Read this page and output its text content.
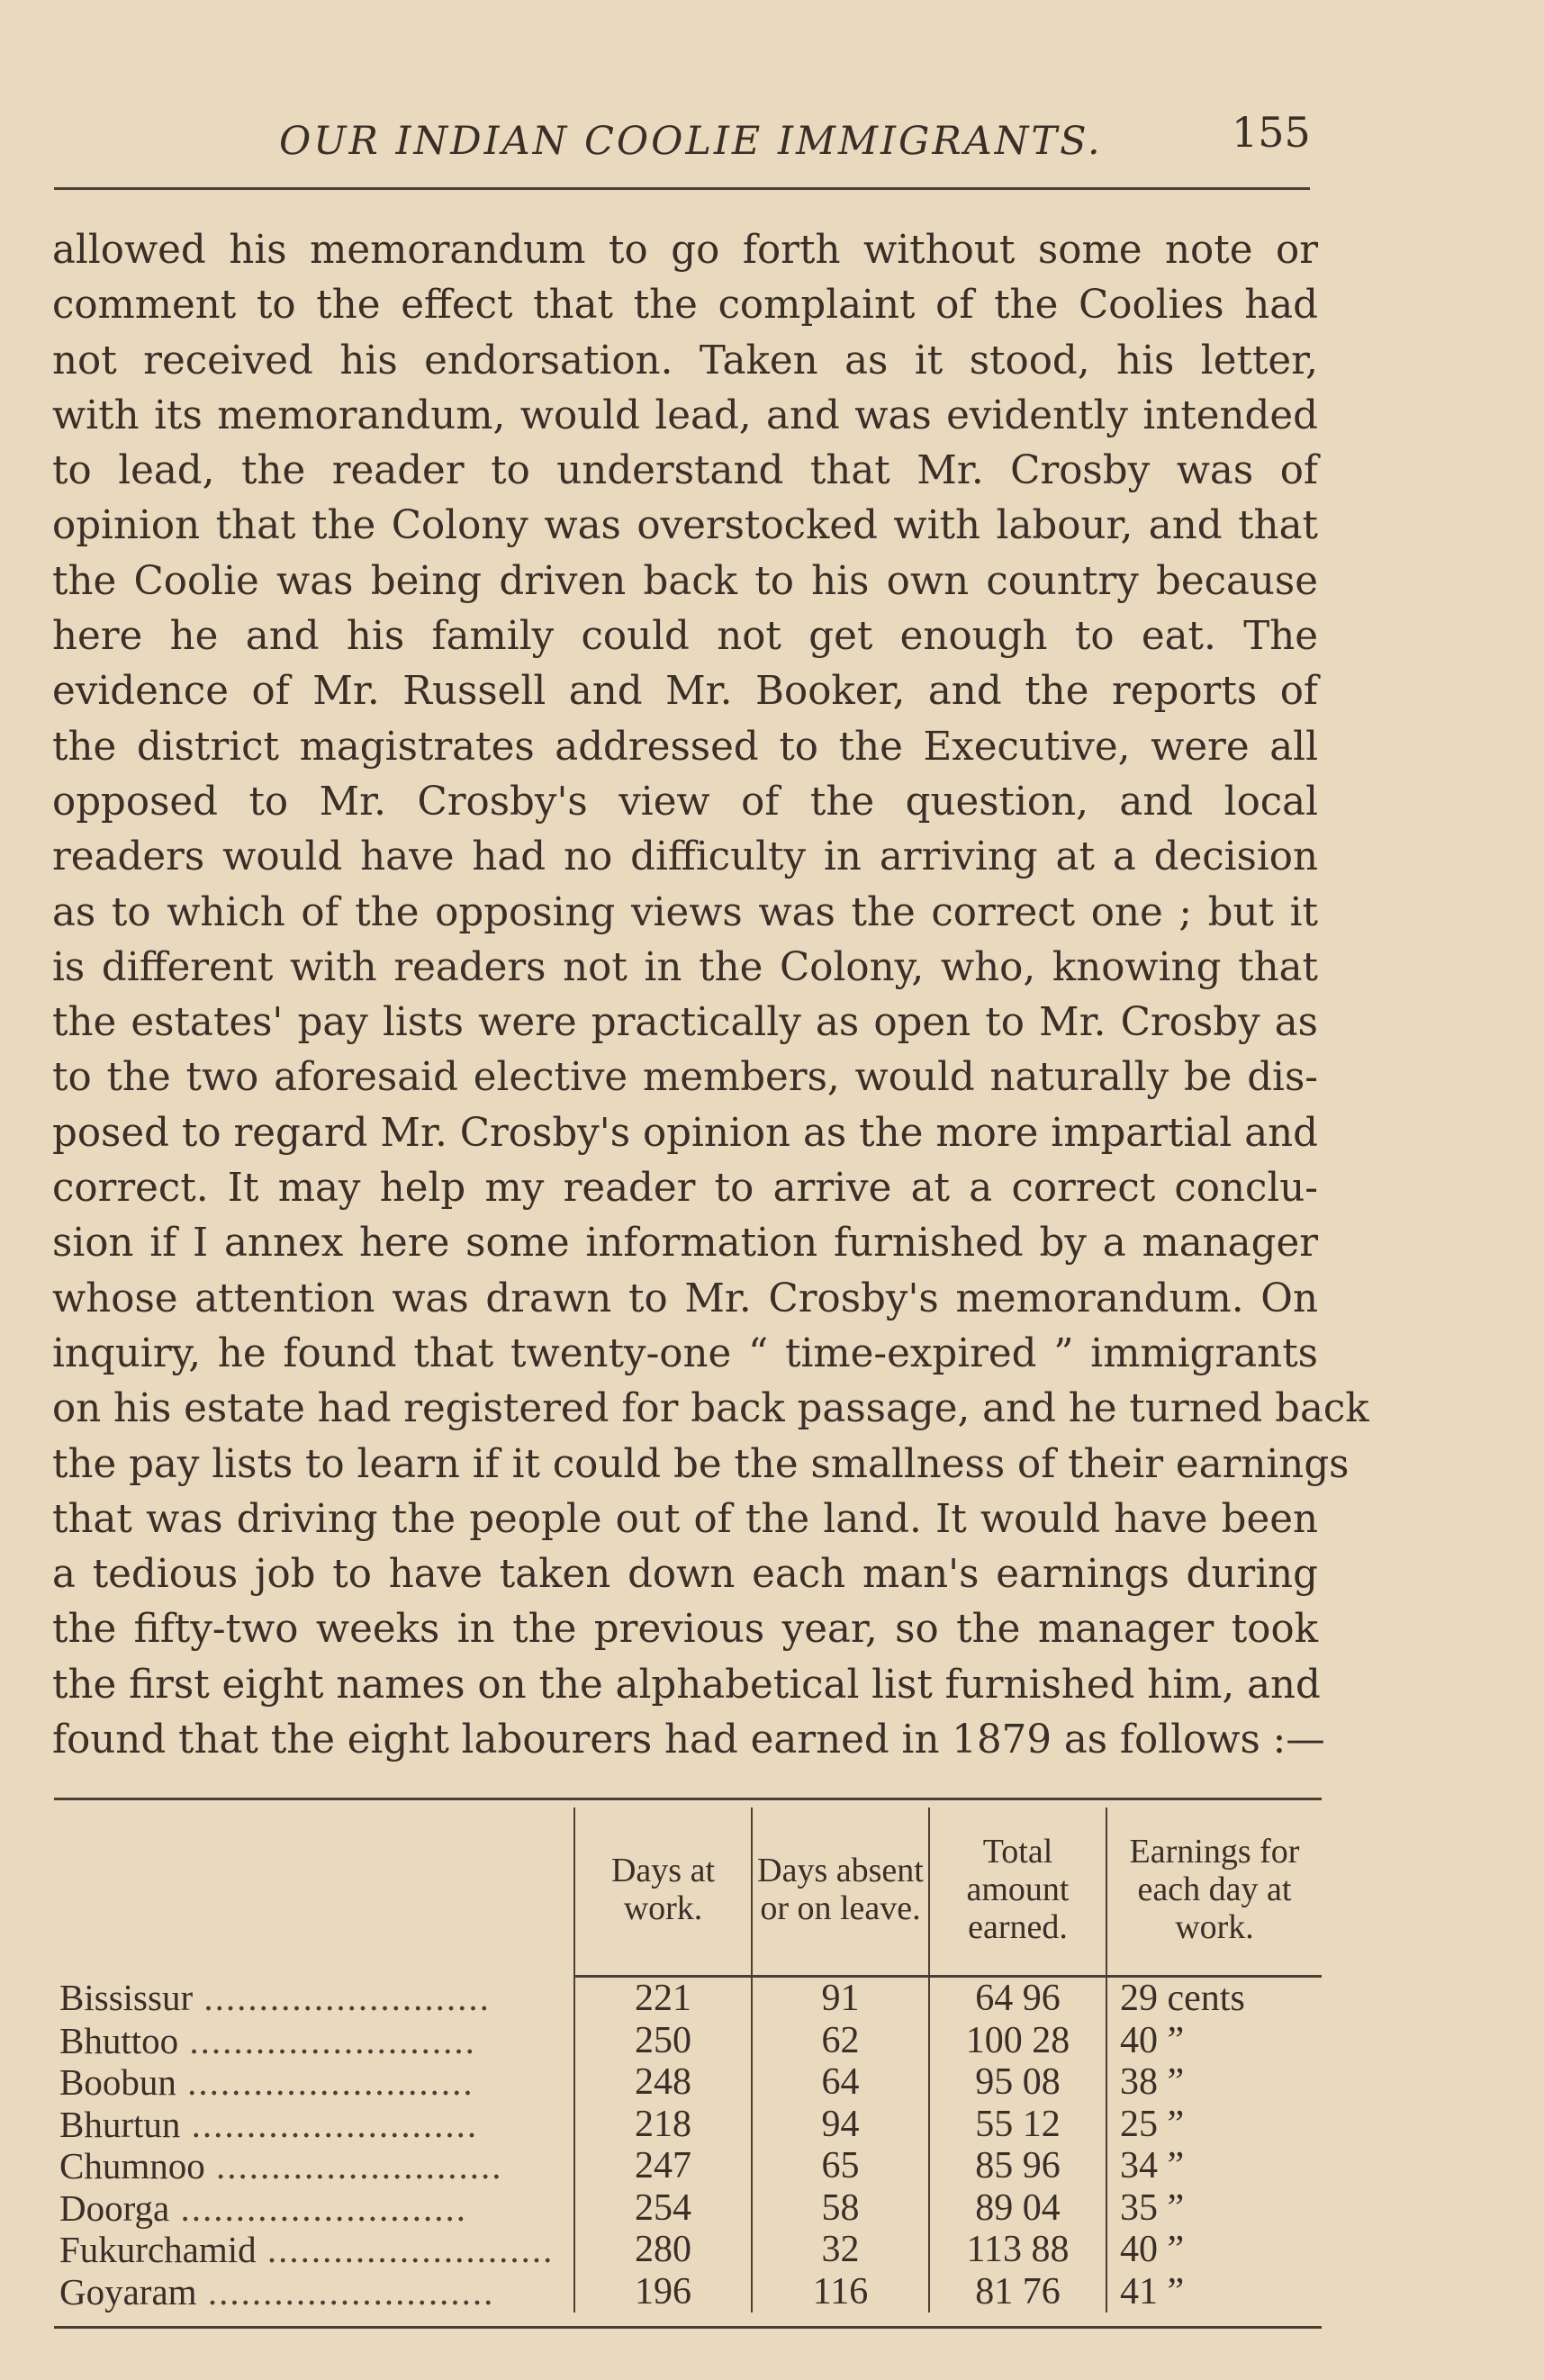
OUR INDIAN COOLIE IMMIGRANTS.	155
allowed his memorandum to go forth without some note or
comment to the effect that the complaint of the Coolies had
not received his endorsation. Taken as it stood, his letter,
with its memorandum, would lead, and was evidently intended
to lead, the reader to understand that Mr. Crosby was of
opinion that the Colony was overstocked with labour, and that
the Coolie was being driven back to his own country because
here he and his family could not get enough to eat. The
evidence of Mr. Russell and Mr. Booker, and the reports of
the district magistrates addressed to the Executive, were all
opposed to Mr. Crosby's view of the question, and local
readers would have had no difficulty in arriving at a decision
as to which of the opposing views was the correct one ; but it
is different with readers not in the Colony, who, knowing that
the estates' pay lists were practically as open to Mr. Crosby as
to the two aforesaid elective members, would naturally be dis-
posed to regard Mr. Crosby's opinion as the more impartial and
correct. It may help my reader to arrive at a correct conclu-
sion if I annex here some information furnished by a manager
whose attention was drawn to Mr. Crosby's memorandum. On
inquiry, he found that twenty-one “ time-expired ” immigrants
on his estate had registered for back passage, and he turned back
the pay lists to learn if it could be the smallness of their earnings
that was driving the people out of the land. It would have been
a tedious job to have taken down each man's earnings during
the fifty-two weeks in the previous year, so the manager took
the first eight names on the alphabetical list furnished him, and
found that the eight labourers had earned in 1879 as follows :—
	Days at work.	Days absent or on leave.	Total amount earned.	Earnings for each day at work.
Bississur ..........................	221	91	64 96	29 cents
Bhuttoo ..........................	250	62	100 28	40 ”
Boobun ..........................	248	64	95 08	38 ”
Bhurtun ..........................	218	94	55 12	25 ”
Chumnoo ..........................	247	65	85 96	34 ”
Doorga ..........................	254	58	89 04	35 ”
Fukurchamid ..........................	280	32	113 88	40 ”
Goyaram ..........................	196	116	81 76	41 ”
